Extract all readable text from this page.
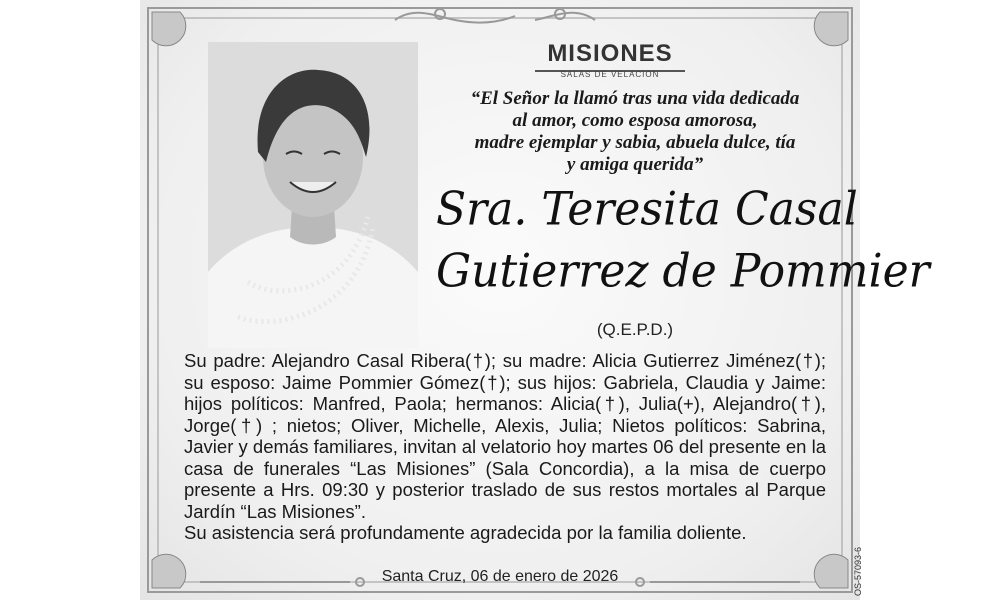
MISIONES
SALAS DE VELACION
“El Señor la llamó tras una vida dedicada
al amor, como esposa amorosa,
madre ejemplar y sabia, abuela dulce, tía
y amiga querida”
Sra. Teresita Casal
Gutierrez de Pommier
(Q.E.P.D.)
Su padre: Alejandro Casal Ribera(†); su madre: Alicia Gutierrez Jiménez(†); su esposo: Jaime Pommier Gómez(†); sus hijos: Gabriela, Claudia y Jaime: hijos políticos: Manfred, Paola; hermanos: Alicia(†), Julia(+), Alejandro(†), Jorge(†) ; nietos; Oliver, Michelle, Alexis, Julia; Nietos políticos: Sabrina, Javier y demás familiares, invitan al velatorio hoy martes 06 del presente en la casa de funerales “Las Misiones” (Sala Concordia), a la misa de cuerpo presente a Hrs. 09:30 y posterior traslado de sus restos mortales al Parque Jardín “Las Misiones”.
Su asistencia será profundamente agradecida por la familia doliente.
Santa Cruz, 06 de enero de 2026	OS-57093-6
